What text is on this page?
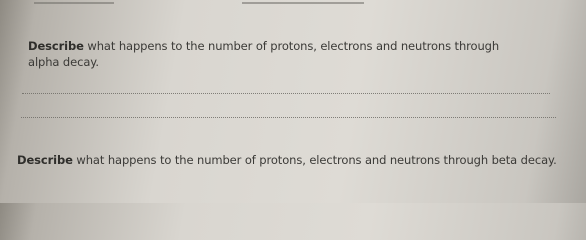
Describe what happens to the number of protons, electrons and neutrons through alpha decay.
Describe what happens to the number of protons, electrons and neutrons through beta decay.
